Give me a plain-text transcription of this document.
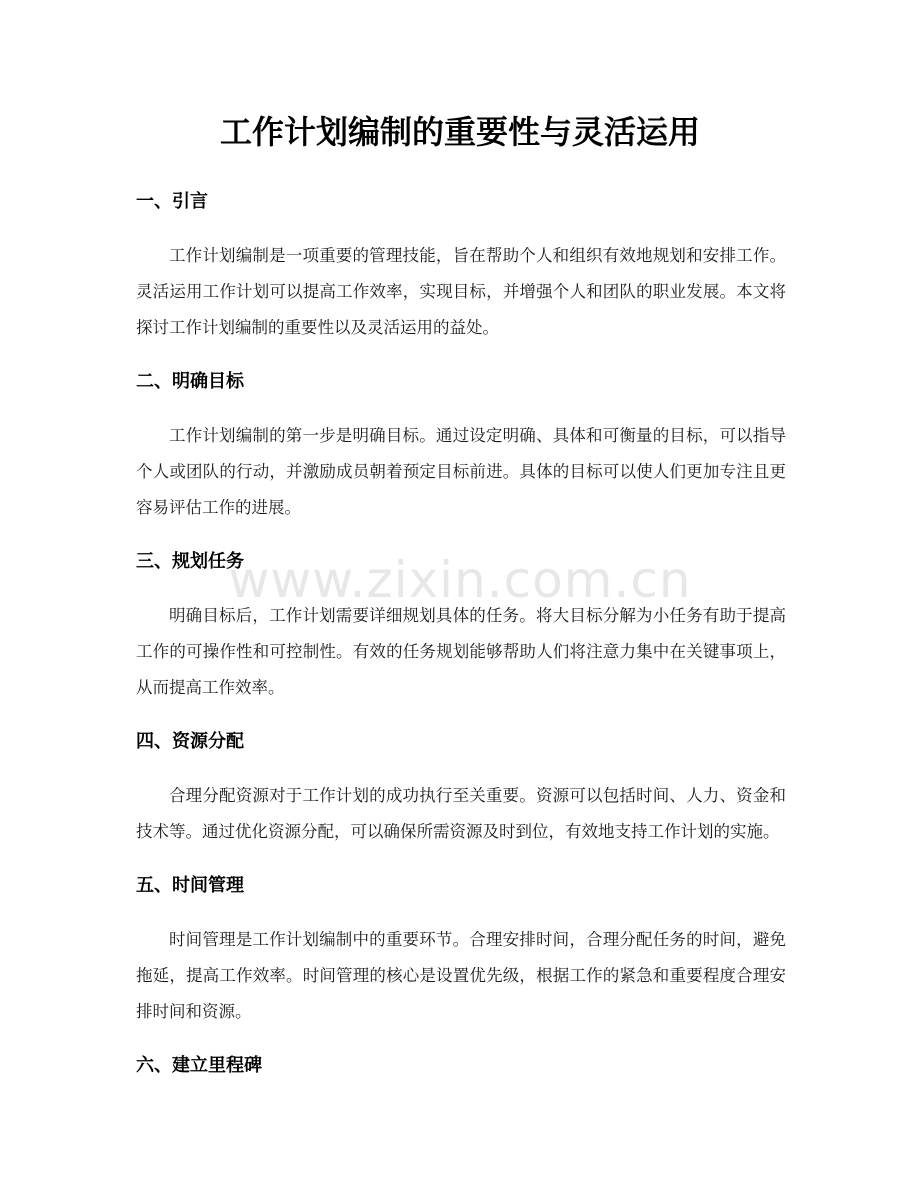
工作计划编制的重要性与灵活运用
一、引言

工作计划编制是一项重要的管理技能，旨在帮助个人和组织有效地规划和安排工作。灵活运用工作计划可以提高工作效率，实现目标，并增强个人和团队的职业发展。本文将探讨工作计划编制的重要性以及灵活运用的益处。

二、明确目标

工作计划编制的第一步是明确目标。通过设定明确、具体和可衡量的目标，可以指导个人或团队的行动，并激励成员朝着预定目标前进。具体的目标可以使人们更加专注且更容易评估工作的进展。

三、规划任务

明确目标后，工作计划需要详细规划具体的任务。将大目标分解为小任务有助于提高工作的可操作性和可控制性。有效的任务规划能够帮助人们将注意力集中在关键事项上，从而提高工作效率。

四、资源分配

合理分配资源对于工作计划的成功执行至关重要。资源可以包括时间、人力、资金和技术等。通过优化资源分配，可以确保所需资源及时到位，有效地支持工作计划的实施。

五、时间管理

时间管理是工作计划编制中的重要环节。合理安排时间，合理分配任务的时间，避免拖延，提高工作效率。时间管理的核心是设置优先级，根据工作的紧急和重要程度合理安排时间和资源。

六、建立里程碑
www.zixin.com.cn
